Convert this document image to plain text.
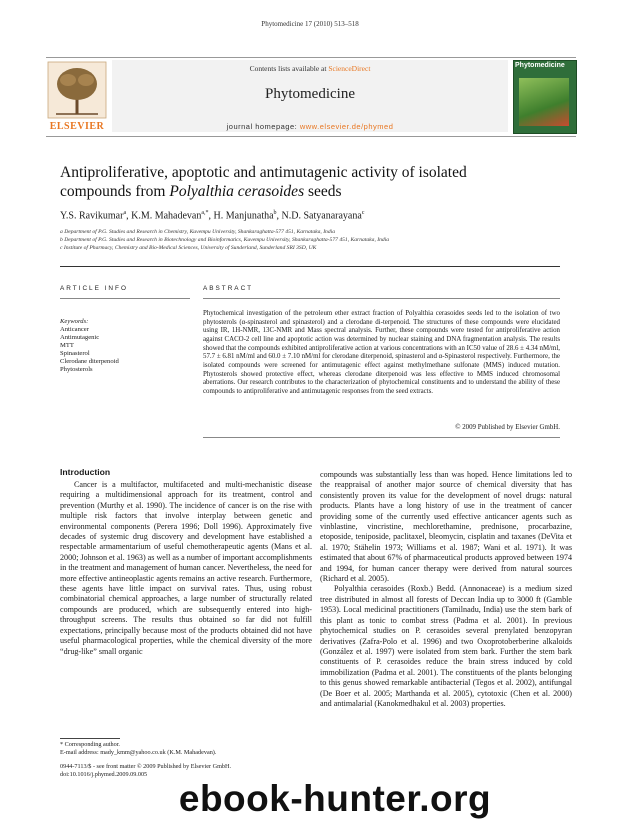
Phytomedicine 17 (2010) 513–518
ELSEVIER
Contents lists available at ScienceDirect
Phytomedicine
journal homepage: www.elsevier.de/phymed
Phytomedicine
Antiproliferative, apoptotic and antimutagenic activity of isolated
compounds from Polyalthia cerasoides seeds
Y.S. Ravikumar$^a$, K.M. Mahadevan$^{a,*}$, H. Manjunatha$^b$, N.D. Satyanarayana$^c$
a Department of P.G. Studies and Research in Chemistry, Kuvempu University, Shankaraghatta-577 451, Karnataka, India
b Department of P.G. Studies and Research in Biotechnology and Bioinformatics, Kuvempu University, Shankaraghatta-577 451, Karnataka, India
c Institute of Pharmacy, Chemistry and Bio-Medical Sciences, University of Sunderland, Sunderland SRI 3SD, UK
ARTICLE INFO
Keywords:
Anticancer
Antimutagenic
MTT
Spinasterol
Clerodane diterpenoid
Phytosterols
ABSTRACT
Phytochemical investigation of the petroleum ether extract fraction of Polyalthia cerasoides seeds led to the isolation of two phytosterols (α-spinasterol and spinasterol) and a clerodane di-terpenoid. The structures of these compounds were elucidated using IR, 1H-NMR, 13C-NMR and Mass spectral analysis. Further, these compounds were tested for antiproliferative action against CACO-2 cell line and apoptotic action was determined by nuclear staining and DNA fragmentation analysis. The results showed that the compounds exhibited antiproliferative action at various concentrations with an IC50 value of 28.6 ± 4.34 nM/ml, 57.7 ± 6.81 nM/ml and 60.0 ± 7.10 nM/ml for clerodane diterpenoid, spinasterol and α-Spinasterol respectively. Furthermore, the isolated compounds were screened for antimutagenic effect against methylmethane sulfonate (MMS) induced mutation. Phytosterols showed protective effect, whereas clerodane diterpenoid was less effective to MMS induced chromosomal aberrations. Our research contributes to the characterization of phytochemical constituents and to understand the ability of these compounds to antiproliferative and antimutagenic responses from the seed extracts.
© 2009 Published by Elsevier GmbH.
Introduction

Cancer is a multifactor, multifaceted and multi-mechanistic disease requiring a multidimensional approach for its treatment, control and prevention (Murthy et al. 1990). The incidence of cancer is on the rise with multiple risk factors that involve interplay between genetic and environmental components (Perera 1996; Doll 1996). Approximately five decades of systemic drug discovery and development have established a respectable armamentarium of useful chemotherapeutic agents (Mans et al. 2000; Johnson et al. 1963) as well as a number of important accomplishments in the treatment and management of human cancer. Nevertheless, the need for more effective antineoplastic agents remains an active research. Furthermore, these agents have little impact on survival rates. Thus, using robust combinatorial chemical approaches, a large number of structurally related compounds are produced, which are subsequently entered into high-throughput screens. The results thus obtained so far did not fulfill expectations, principally because most of the products obtained did not have useful pharmacological properties, while the chemical diversity of the more “drug-like” small organic

compounds was substantially less than was hoped. Hence limitations led to the reappraisal of another major source of chemical diversity that has consistently proven its value for the development of novel drugs: natural products. Plants have a long history of use in the treatment of cancer providing some of the currently used effective anticancer agents such as vinblastine, vincristine, mechlorethamine, prednisone, procarbazine, etoposide, teniposide, paclitaxel, bleomycin, cisplatin and taxanes (DeVita et al. 1970; Stähelin 1973; Williams et al. 1987; Wani et al. 1971). It was estimated that about 67% of pharmaceutical products approved between 1974 and 1994, for human cancer therapy were derived from natural sources (Richard et al. 2005).

Polyalthia cerasoides (Roxb.) Bedd. (Annonaceae) is a medium sized tree distributed in almost all forests of Deccan India up to 3000 ft (Gamble 1953). Local medicinal practitioners (Tamilnadu, India) use the stem bark of this plant as tonic to combat stress (Padma et al. 2001). In previous phytochemical studies on P. cerasoides several prenylated benzopyran derivatives (Zafra-Polo et al. 1996) and two Oxoprotoberberine alkaloids (González et al. 1997) were isolated from stem bark. Further the stem bark constituents of P. cerasoides reduce the brain stress induced by cold immobilization (Padma et al. 2001). The constituents of the plants belonging to this genus showed remarkable antibacterial (Tegos et al. 2002), antifungal (De Boer et al. 2005; Marthanda et al. 2005), cytotoxic (Chen et al. 2000) and antimalarial (Kanokmedhakul et al. 2003) properties.

* Corresponding author.
E-mail address: mady_kmm@yahoo.co.uk (K.M. Mahadevan).
0944-7113/$ - see front matter © 2009 Published by Elsevier GmbH.
doi:10.1016/j.phymed.2009.09.005
ebook-hunter.org
